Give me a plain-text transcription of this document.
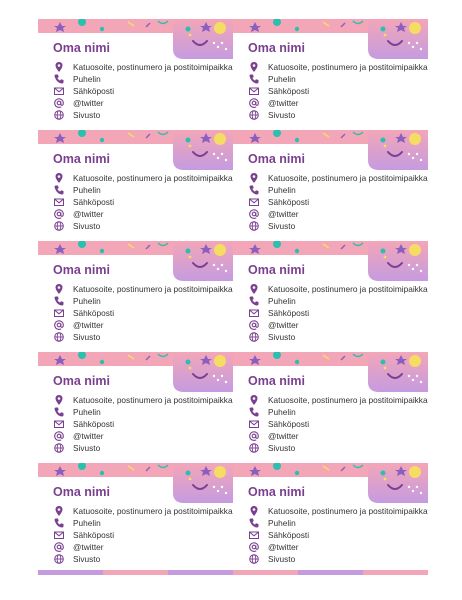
Oma nimi
Katuosoite, postinumero ja postitoimipaikka
Puhelin
Sähköposti
@twitter
Sivusto
Oma nimi
Katuosoite, postinumero ja postitoimipaikka
Puhelin
Sähköposti
@twitter
Sivusto
Oma nimi
Katuosoite, postinumero ja postitoimipaikka
Puhelin
Sähköposti
@twitter
Sivusto
Oma nimi
Katuosoite, postinumero ja postitoimipaikka
Puhelin
Sähköposti
@twitter
Sivusto
Oma nimi
Katuosoite, postinumero ja postitoimipaikka
Puhelin
Sähköposti
@twitter
Sivusto
Oma nimi
Katuosoite, postinumero ja postitoimipaikka
Puhelin
Sähköposti
@twitter
Sivusto
Oma nimi
Katuosoite, postinumero ja postitoimipaikka
Puhelin
Sähköposti
@twitter
Sivusto
Oma nimi
Katuosoite, postinumero ja postitoimipaikka
Puhelin
Sähköposti
@twitter
Sivusto
Oma nimi
Katuosoite, postinumero ja postitoimipaikka
Puhelin
Sähköposti
@twitter
Sivusto
Oma nimi
Katuosoite, postinumero ja postitoimipaikka
Puhelin
Sähköposti
@twitter
Sivusto
